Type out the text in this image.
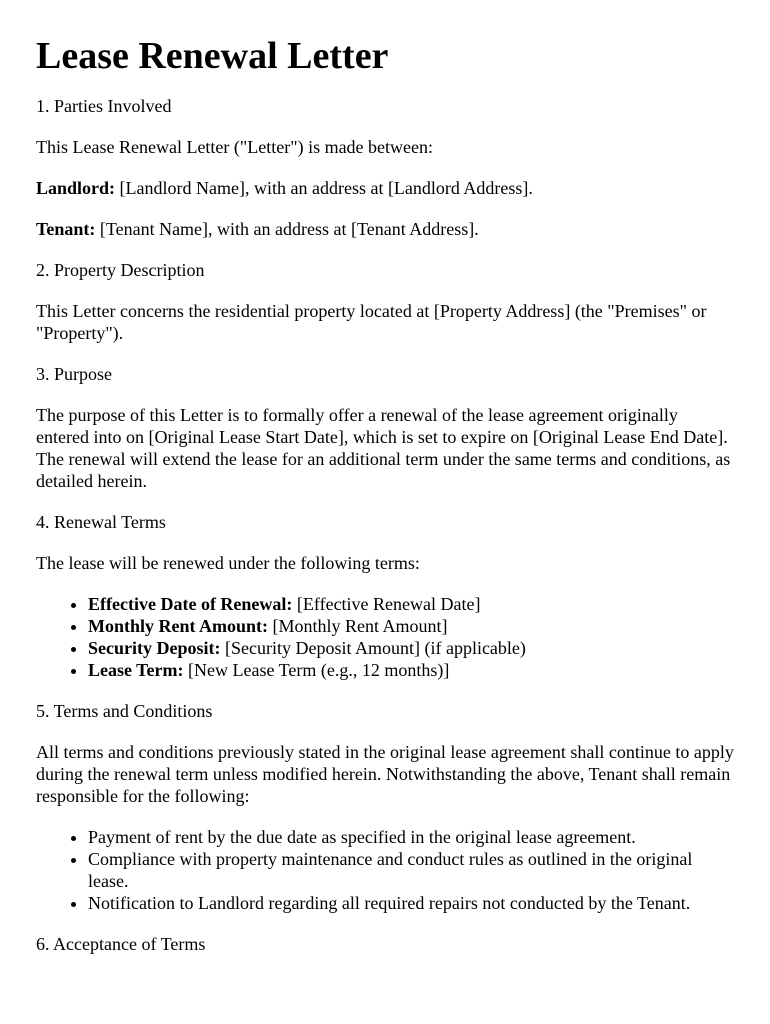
Lease Renewal Letter

1. Parties Involved

This Lease Renewal Letter ("Letter") is made between:

Landlord: [Landlord Name], with an address at [Landlord Address].

Tenant: [Tenant Name], with an address at [Tenant Address].

2. Property Description

This Letter concerns the residential property located at [Property Address] (the "Premises" or "Property").

3. Purpose

The purpose of this Letter is to formally offer a renewal of the lease agreement originally entered into on [Original Lease Start Date], which is set to expire on [Original Lease End Date]. The renewal will extend the lease for an additional term under the same terms and conditions, as detailed herein.

4. Renewal Terms

The lease will be renewed under the following terms:

• Effective Date of Renewal: [Effective Renewal Date]
• Monthly Rent Amount: [Monthly Rent Amount]
• Security Deposit: [Security Deposit Amount] (if applicable)
• Lease Term: [New Lease Term (e.g., 12 months)]

5. Terms and Conditions

All terms and conditions previously stated in the original lease agreement shall continue to apply during the renewal term unless modified herein. Notwithstanding the above, Tenant shall remain responsible for the following:

• Payment of rent by the due date as specified in the original lease agreement.
• Compliance with property maintenance and conduct rules as outlined in the original lease.
• Notification to Landlord regarding all required repairs not conducted by the Tenant.

6. Acceptance of Terms
